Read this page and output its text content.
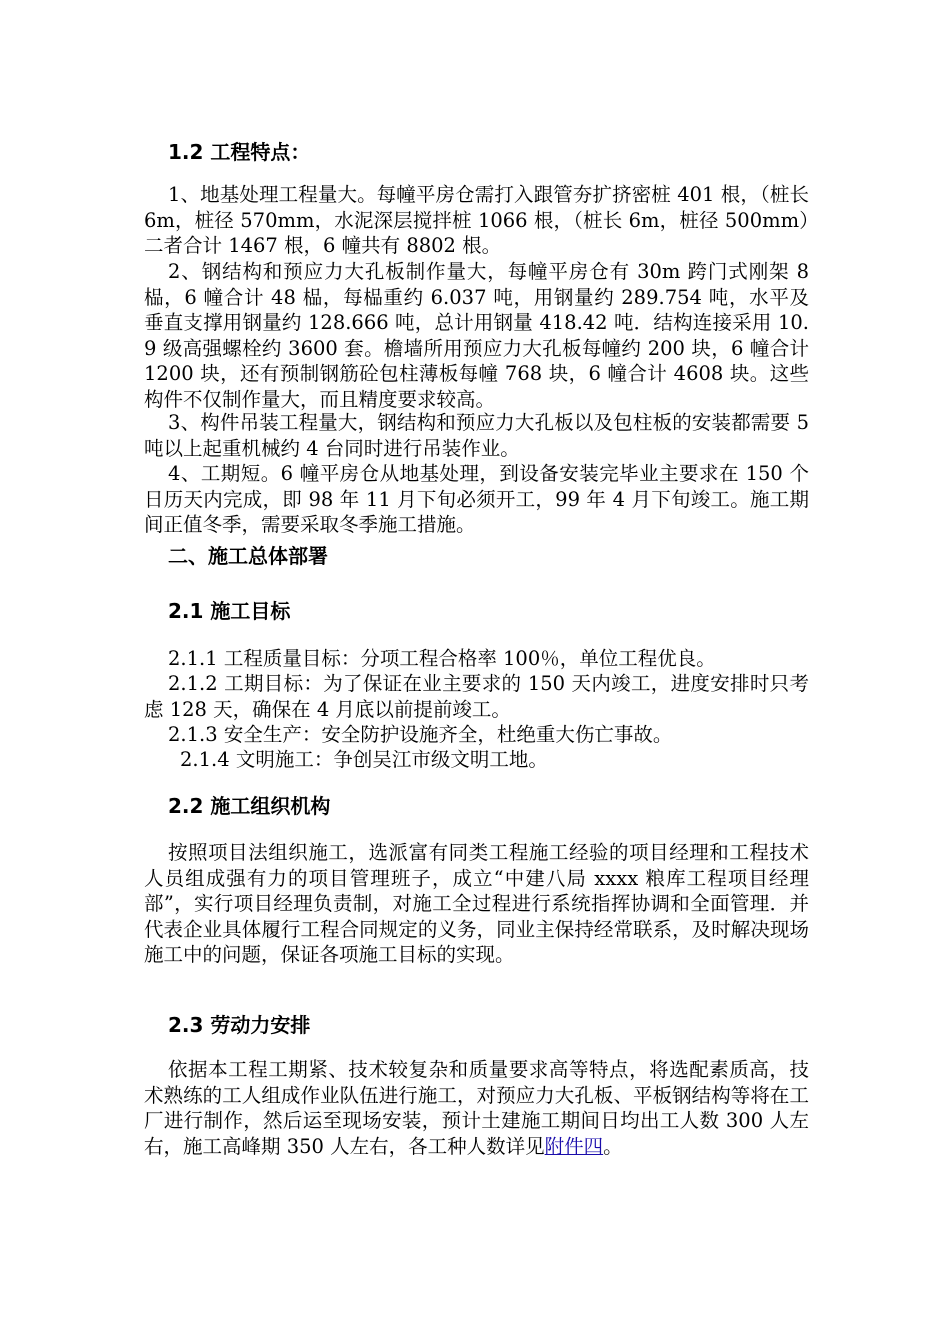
1.2 工程特点：
1、地基处理工程量大。每幢平房仓需打入跟管夯扩挤密桩 401 根，（桩长 6m，桩径 570mm，水泥深层搅拌桩 1066 根，（桩长 6m，桩径 500mm）二者合计 1467 根，6 幢共有 8802 根。
2、钢结构和预应力大孔板制作量大，每幢平房仓有 30m 跨门式刚架 8 榀，6 幢合计 48 榀，每榀重约 6.037 吨，用钢量约 289.754 吨，水平及垂直支撑用钢量约 128.666 吨，总计用钢量 418.42 吨．结构连接采用 10.9 级高强螺栓约 3600 套。檐墙所用预应力大孔板每幢约 200 块，6 幢合计 1200 块，还有预制钢筋砼包柱薄板每幢 768 块，6 幢合计 4608 块。这些构件不仅制作量大，而且精度要求较高。
3、构件吊装工程量大，钢结构和预应力大孔板以及包柱板的安装都需要 5 吨以上起重机械约 4 台同时进行吊装作业。
4、工期短。6 幢平房仓从地基处理，到设备安装完毕业主要求在 150 个日历天内完成，即 98 年 11 月下旬必须开工，99 年 4 月下旬竣工。施工期间正值冬季，需要采取冬季施工措施。
二、施工总体部署
2.1 施工目标
2.1.1 工程质量目标：分项工程合格率 100％，单位工程优良。
2.1.2 工期目标：为了保证在业主要求的 150 天内竣工，进度安排时只考虑 128 天，确保在 4 月底以前提前竣工。
2.1.3 安全生产：安全防护设施齐全，杜绝重大伤亡事故。
2.1.4 文明施工：争创吴江市级文明工地。
2.2 施工组织机构
按照项目法组织施工，选派富有同类工程施工经验的项目经理和工程技术人员组成强有力的项目管理班子，成立“中建八局 xxxx 粮库工程项目经理部”，实行项目经理负责制，对施工全过程进行系统指挥协调和全面管理．并代表企业具体履行工程合同规定的义务，同业主保持经常联系，及时解决现场施工中的问题，保证各项施工目标的实现。
2.3 劳动力安排
依据本工程工期紧、技术较复杂和质量要求高等特点，将选配素质高，技术熟练的工人组成作业队伍进行施工，对预应力大孔板、平板钢结构等将在工厂进行制作，然后运至现场安装，预计土建施工期间日均出工人数 300 人左右，施工高峰期 350 人左右，各工种人数详见附件四。
